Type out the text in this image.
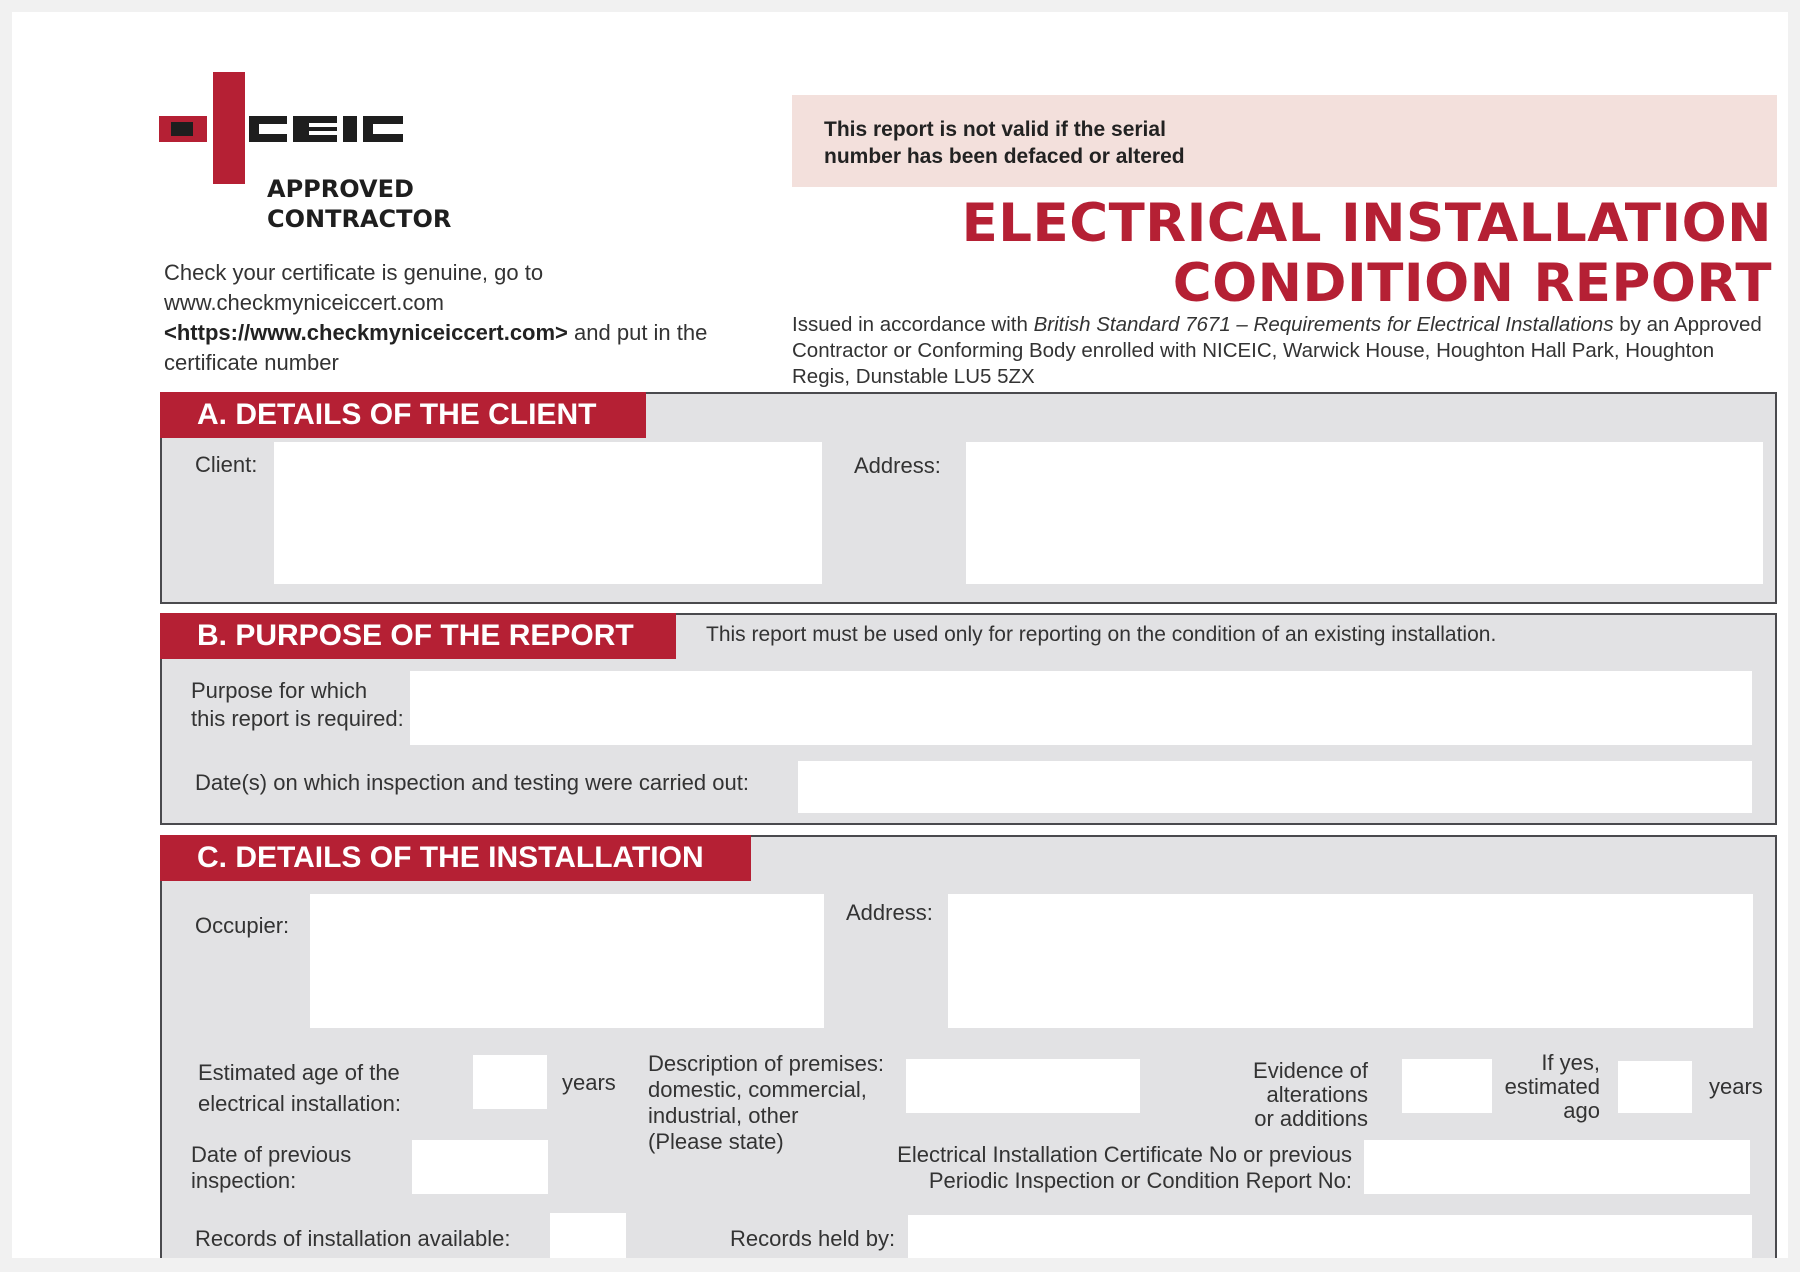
APPROVED
CONTRACTOR
Check your certificate is genuine, go to
www.checkmyniceiccert.com
<https://www.checkmyniceiccert.com> and put in the
certificate number
This report is not valid if the serial
number has been defaced or altered
ELECTRICAL INSTALLATION
CONDITION REPORT
Issued in accordance with British Standard 7671 – Requirements for Electrical Installations by an Approved Contractor or Conforming Body enrolled with NICEIC, Warwick House, Houghton Hall Park, Houghton Regis, Dunstable LU5 5ZX
A. DETAILS OF THE CLIENT
Client:	Address:
B. PURPOSE OF THE REPORT	This report must be used only for reporting on the condition of an existing installation.
Purpose for which
this report is required:
Date(s) on which inspection and testing were carried out:
C. DETAILS OF THE INSTALLATION
Occupier:
Address:
Estimated age of the
electrical installation:
years
Description of premises:
domestic, commercial,
industrial, other
(Please state)
Evidence of alterations
or additions
If yes,
estimated
ago
years
Date of previous
inspection:
Electrical Installation Certificate No or previous
Periodic Inspection or Condition Report No:
Records of installation available:	Records held by:
